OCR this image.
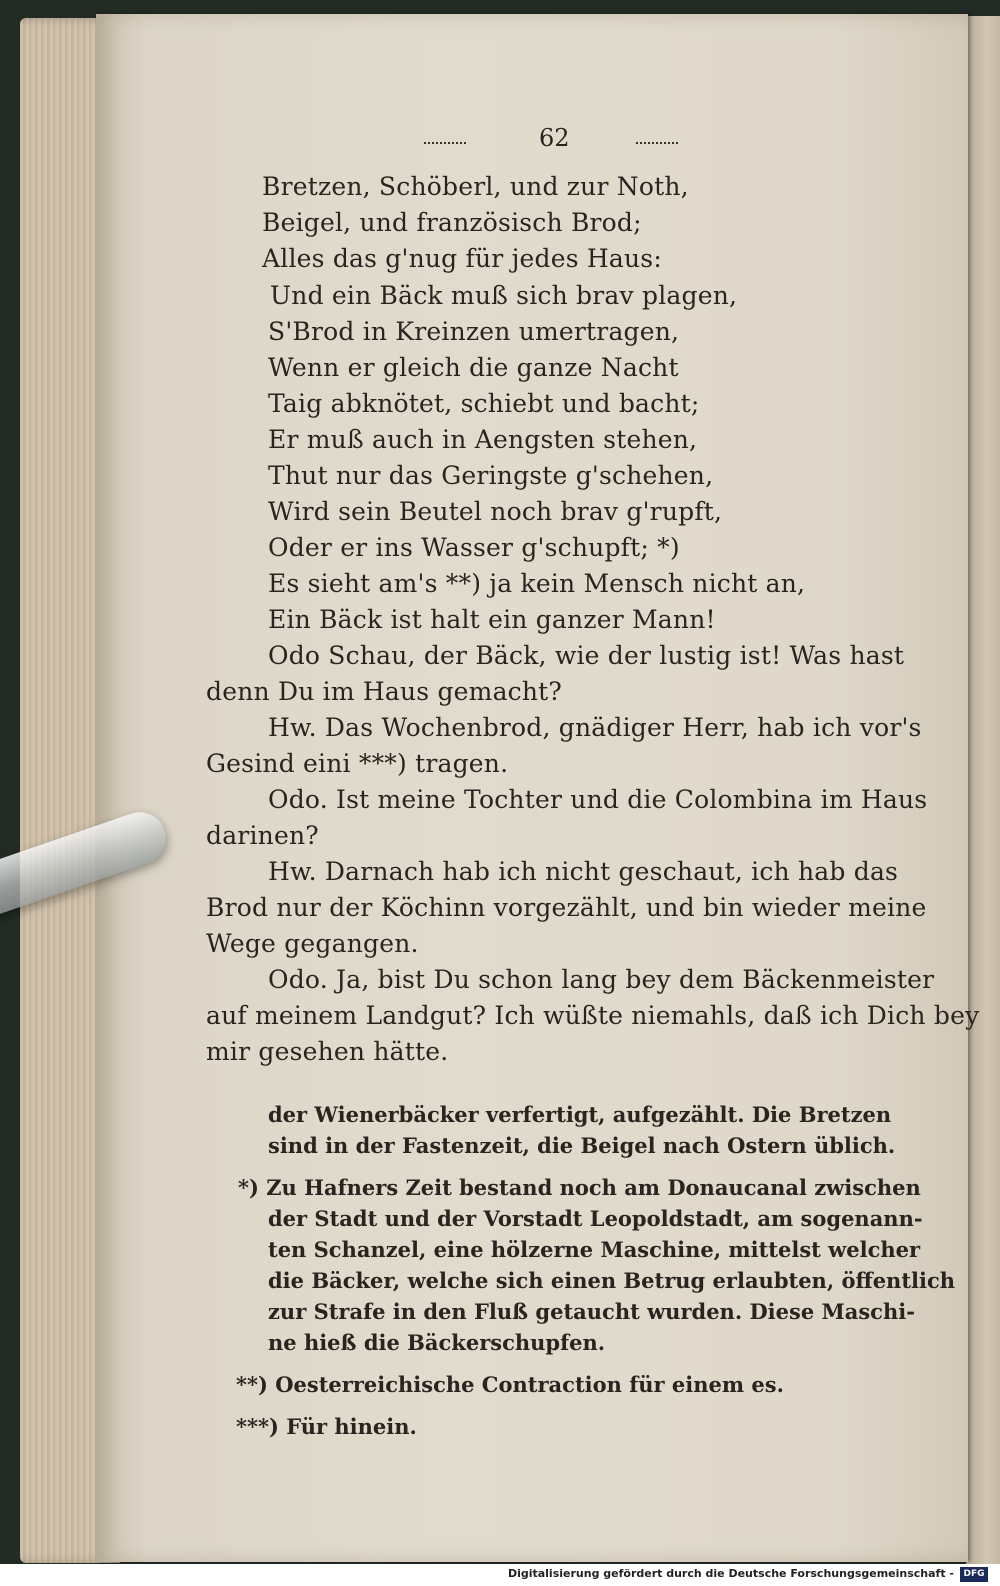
62
Bretzen, Schöberl, und zur Noth,
Beigel, und französisch Brod;
Alles das g'nug für jedes Haus:
Und ein Bäck muß sich brav plagen,
S'Brod in Kreinzen umertragen,
Wenn er gleich die ganze Nacht
Taig abknötet, schiebt und bacht;
Er muß auch in Aengsten stehen,
Thut nur das Geringste g'schehen,
Wird sein Beutel noch brav g'rupft,
Oder er ins Wasser g'schupft; *)
Es sieht am's **) ja kein Mensch nicht an,
Ein Bäck ist halt ein ganzer Mann!
Odo Schau, der Bäck, wie der lustig ist! Was hast
denn Du im Haus gemacht?
Hw. Das Wochenbrod, gnädiger Herr, hab ich vor's
Gesind eini ***) tragen.
Odo. Ist meine Tochter und die Colombina im Haus
darinen?
Hw. Darnach hab ich nicht geschaut, ich hab das
Brod nur der Köchinn vorgezählt, und bin wieder meine
Wege gegangen.
Odo. Ja, bist Du schon lang bey dem Bäckenmeister
auf meinem Landgut? Ich wüßte niemahls, daß ich Dich bey
mir gesehen hätte.
der Wienerbäcker verfertigt, aufgezählt. Die Bretzen
sind in der Fastenzeit, die Beigel nach Ostern üblich.
*) Zu Hafners Zeit bestand noch am Donaucanal zwischen
der Stadt und der Vorstadt Leopoldstadt, am sogenann-
ten Schanzel, eine hölzerne Maschine, mittelst welcher
die Bäcker, welche sich einen Betrug erlaubten, öffentlich
zur Strafe in den Fluß getaucht wurden. Diese Maschi-
ne hieß die Bäckerschupfen.
**) Oesterreichische Contraction für einem es.
***) Für hinein.
Digitalisierung gefördert durch die Deutsche Forschungsgemeinschaft -	DFG
